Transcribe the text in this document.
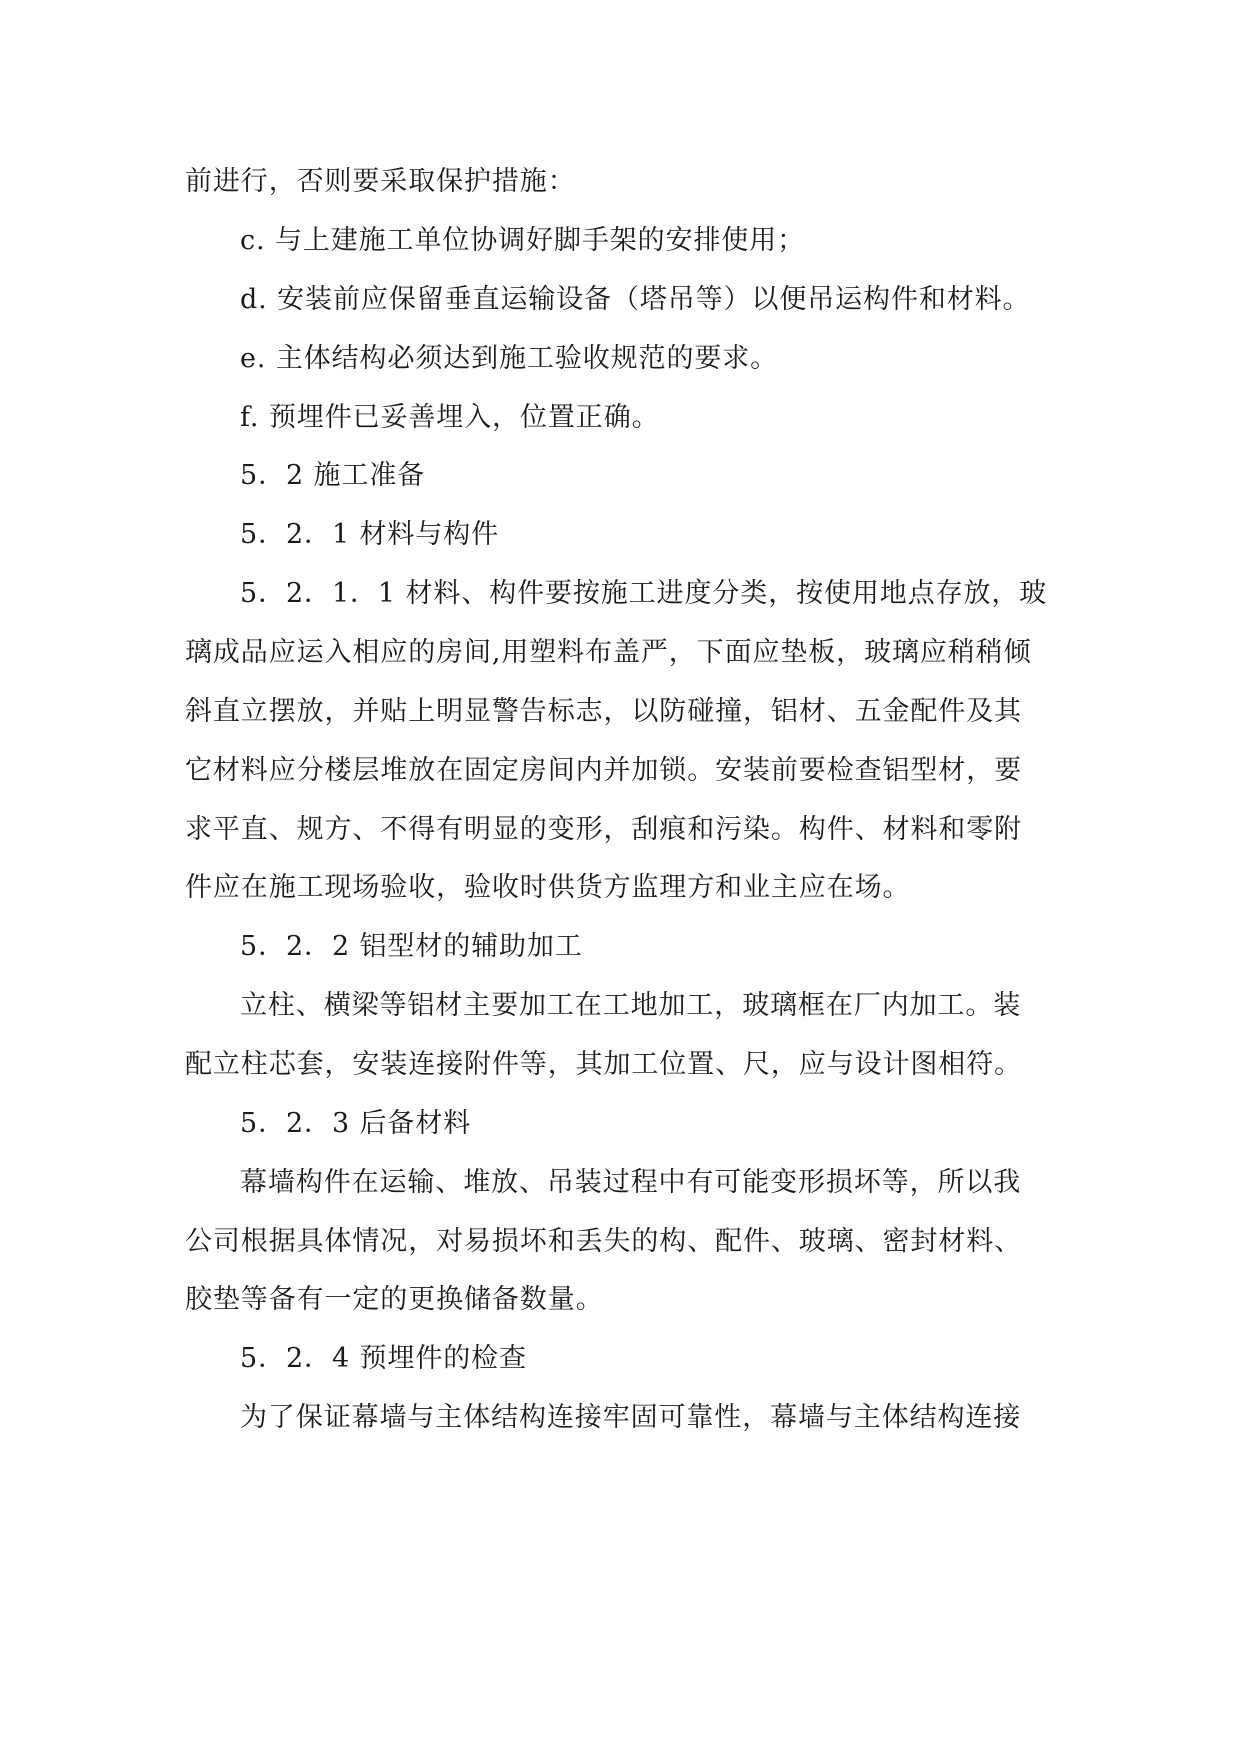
前进行，否则要采取保护措施：

c. 与上建施工单位协调好脚手架的安排使用；

d. 安装前应保留垂直运输设备（塔吊等）以便吊运构件和材料。

e. 主体结构必须达到施工验收规范的要求。

f. 预埋件已妥善埋入，位置正确。

5．2 施工准备

5．2．1 材料与构件

5．2．1．1 材料、构件要按施工进度分类，按使用地点存放，玻

璃成品应运入相应的房间,用塑料布盖严，下面应垫板，玻璃应稍稍倾

斜直立摆放，并贴上明显警告标志，以防碰撞，铝材、五金配件及其

它材料应分楼层堆放在固定房间内并加锁。安装前要检查铝型材，要

求平直、规方、不得有明显的变形，刮痕和污染。构件、材料和零附

件应在施工现场验收，验收时供货方监理方和业主应在场。

5．2．2 铝型材的辅助加工

立柱、横梁等铝材主要加工在工地加工，玻璃框在厂内加工。装

配立柱芯套，安装连接附件等，其加工位置、尺，应与设计图相符。

5．2．3 后备材料

幕墙构件在运输、堆放、吊装过程中有可能变形损坏等，所以我

公司根据具体情况，对易损坏和丢失的构、配件、玻璃、密封材料、

胶垫等备有一定的更换储备数量。

5．2．4 预埋件的检查

为了保证幕墙与主体结构连接牢固可靠性，幕墙与主体结构连接
